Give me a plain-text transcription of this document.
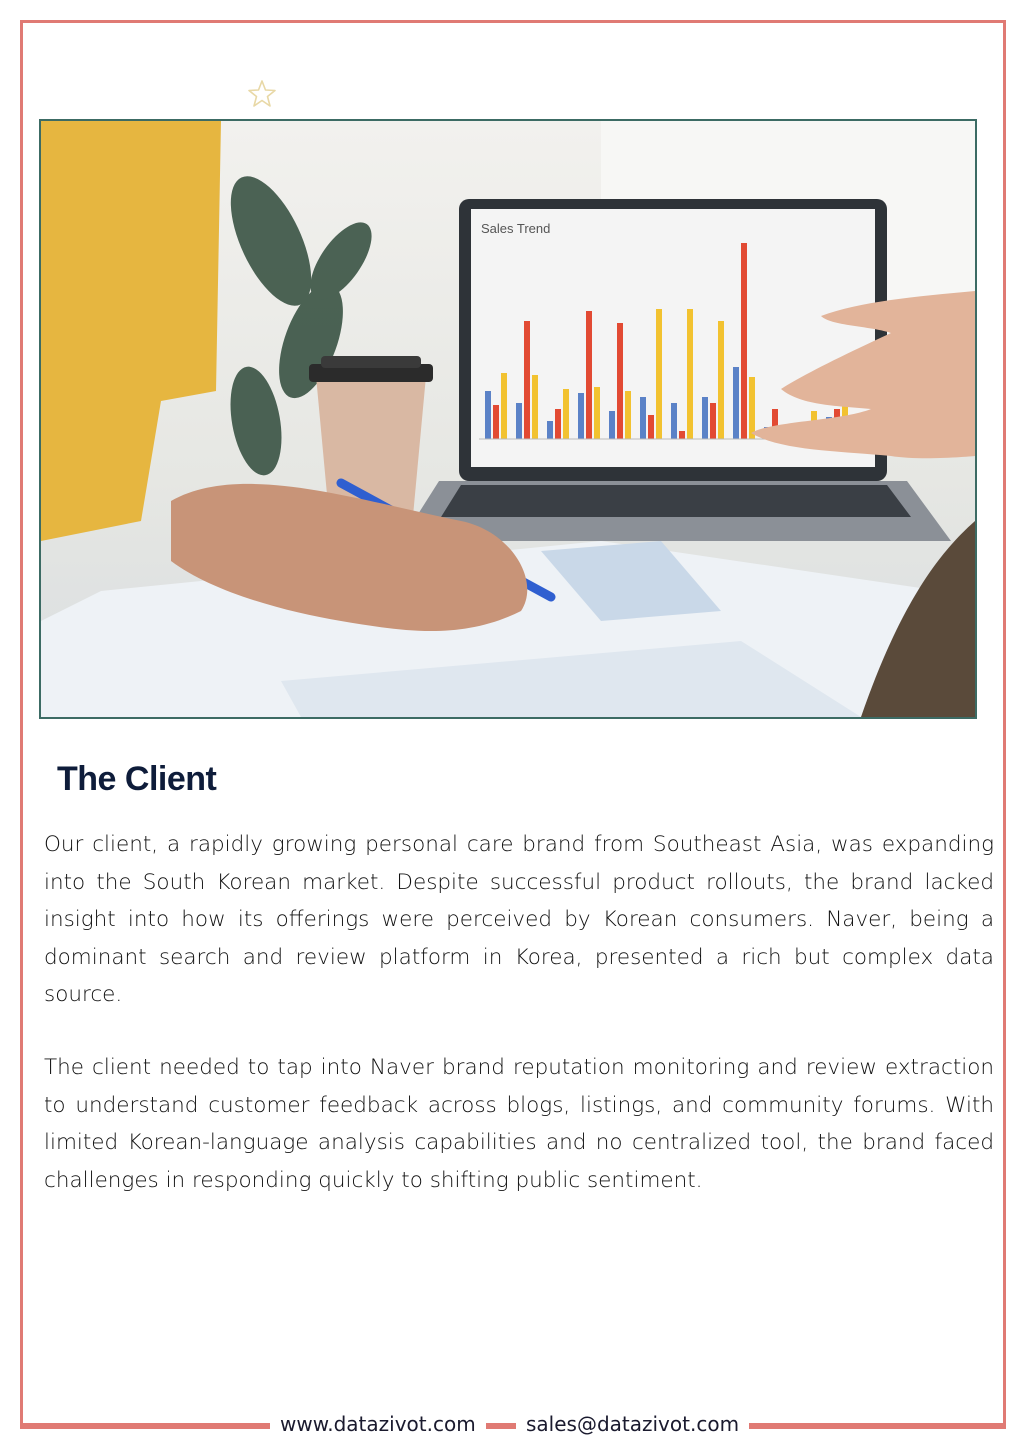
Sales Trend
The Client

Our client, a rapidly growing personal care brand from Southeast Asia, was expanding into the South Korean market. Despite successful product rollouts, the brand lacked insight into how its offerings were perceived by Korean consumers. Naver, being a dominant search and review platform in Korea, presented a rich but complex data source.

The client needed to tap into Naver brand reputation monitoring and review extraction to understand customer feedback across blogs, listings, and community forums. With limited Korean-language analysis capabilities and no centralized tool, the brand faced challenges in responding quickly to shifting public sentiment.

www.datazivot.com	sales@datazivot.com
